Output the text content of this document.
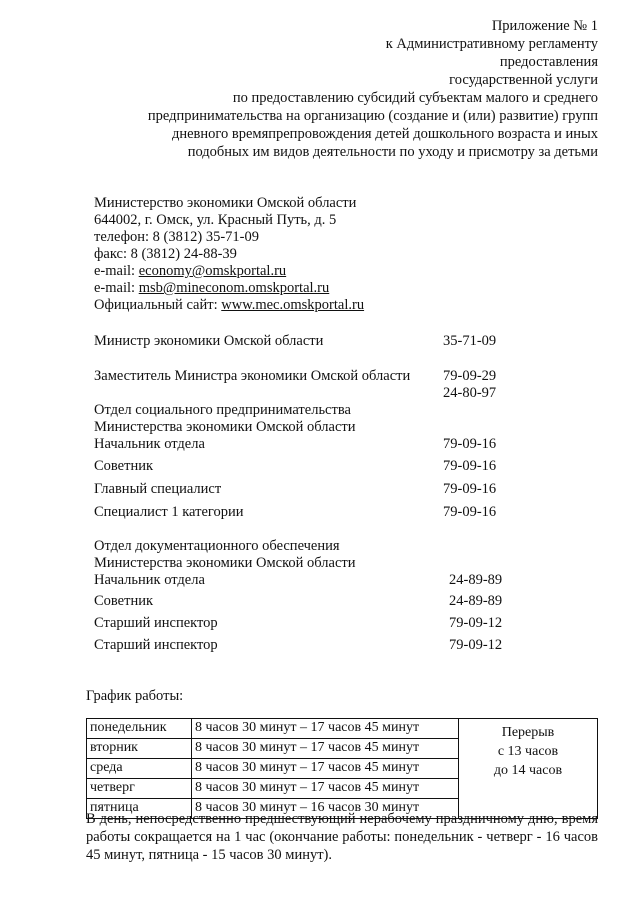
Приложение № 1
к Административному регламенту
предоставления
государственной услуги
по предоставлению субсидий субъектам малого и среднего
предпринимательства на организацию (создание и (или) развитие) групп
дневного времяпрепровождения детей дошкольного возраста и иных
подобных им видов деятельности по уходу и присмотру за детьми
Министерство экономики Омской области
644002, г. Омск, ул. Красный Путь, д. 5
телефон: 8 (3812) 35-71-09
факс: 8 (3812) 24-88-39
e-mail: economy@omskportal.ru
e-mail: msb@mineconom.omskportal.ru
Официальный сайт: www.mec.omskportal.ru
Министр экономики Омской области	35-71-09
Заместитель Министра экономики Омской области 79-09-29
24-80-97
Отдел социального предпринимательства
Министерства экономики Омской области
Начальник отдела	79-09-16
Советник	79-09-16
Главный специалист	79-09-16
Специалист 1 категории	79-09-16
Отдел документационного обеспечения
Министерства экономики Омской области
Начальник отдела	24-89-89
Советник	24-89-89
Старший инспектор	79-09-12
Старший инспектор	79-09-12
График работы:
понедельник	8 часов 30 минут – 17 часов 45 минут	Перерыв
с 13 часов
до 14 часов

вторник	8 часов 30 минут – 17 часов 45 минут	
среда	8 часов 30 минут – 17 часов 45 минут	
четверг	8 часов 30 минут – 17 часов 45 минут	
пятница	8 часов 30 минут – 16 часов 30 минут	
В день, непосредственно предшествующий нерабочему праздничному дню, время работы сокращается на 1 час (окончание работы: понедельник - четверг - 16 часов 45 минут, пятница - 15 часов 30 минут).
